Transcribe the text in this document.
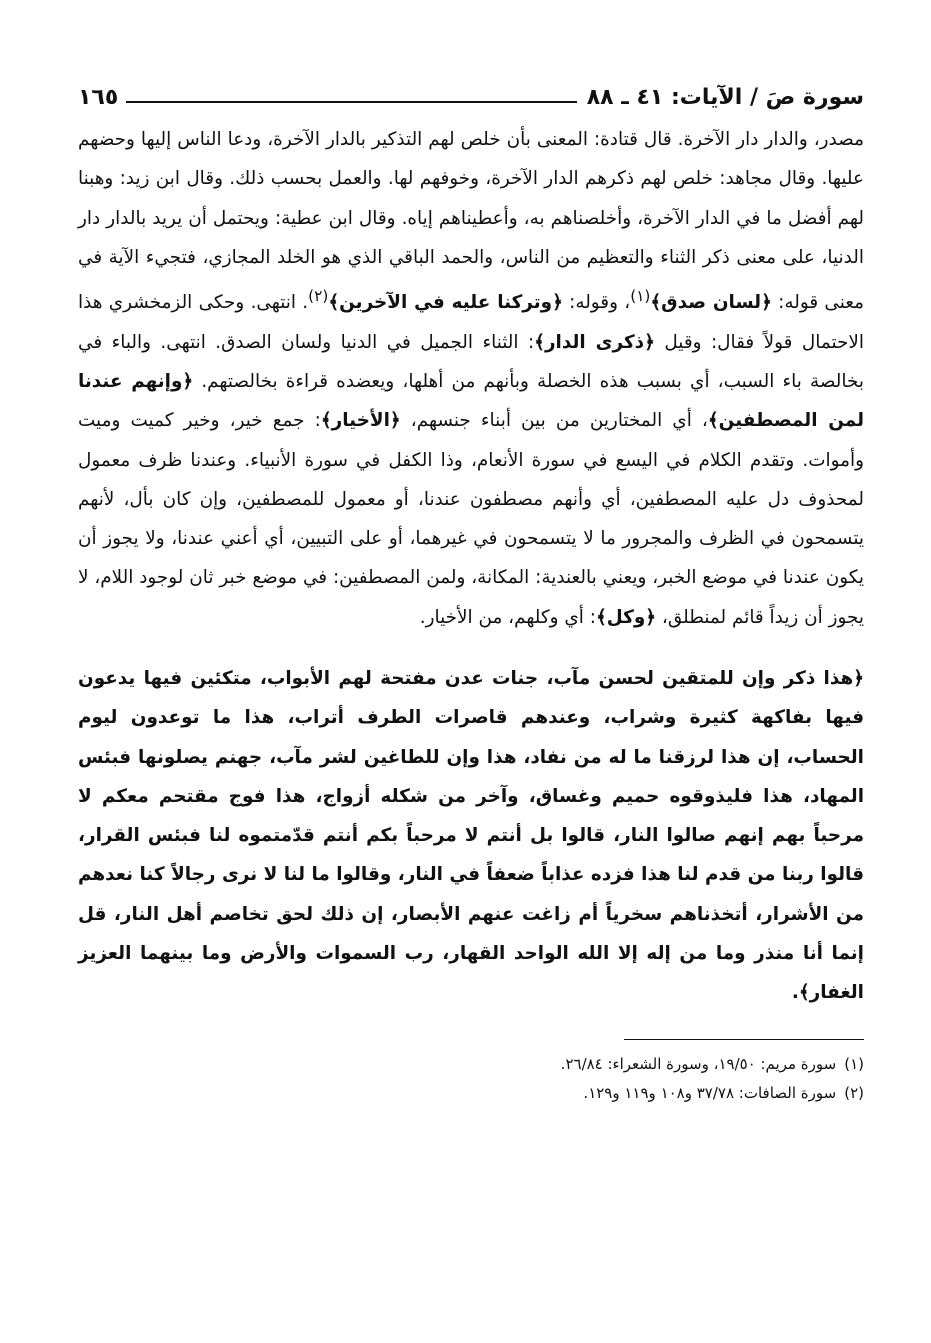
سورة صَ / الآيات: ٤١ ـ ٨٨
١٦٥
مصدر، والدار دار الآخرة. قال قتادة: المعنى بأن خلص لهم التذكير بالدار الآخرة، ودعا الناس إليها وحضهم عليها. وقال مجاهد: خلص لهم ذكرهم الدار الآخرة، وخوفهم لها. والعمل بحسب ذلك. وقال ابن زيد: وهبنا لهم أفضل ما في الدار الآخرة، وأخلصناهم به، وأعطيناهم إياه. وقال ابن عطية: ويحتمل أن يريد بالدار دار الدنيا، على معنى ذكر الثناء والتعظيم من الناس، والحمد الباقي الذي هو الخلد المجازي، فتجيء الآية في معنى قوله: ﴿لسان صدق﴾$^{(١)}$، وقوله: ﴿وتركنا عليه في الآخرين﴾$^{(٢)}$. انتهى. وحكى الزمخشري هذا الاحتمال قولاً فقال: وقيل ﴿ذكرى الدار﴾: الثناء الجميل في الدنيا ولسان الصدق. انتهى. والباء في بخالصة باء السبب، أي بسبب هذه الخصلة وبأنهم من أهلها، ويعضده قراءة بخالصتهم. ﴿وإنهم عندنا لمن المصطفين﴾، أي المختارين من بين أبناء جنسهم، ﴿الأخيار﴾: جمع خير، وخير كميت وميت وأموات. وتقدم الكلام في اليسع في سورة الأنعام، وذا الكفل في سورة الأنبياء. وعندنا ظرف معمول لمحذوف دل عليه المصطفين، أي وأنهم مصطفون عندنا، أو معمول للمصطفين، وإن كان بأل، لأنهم يتسمحون في الظرف والمجرور ما لا يتسمحون في غيرهما، أو على التبيين، أي أعني عندنا، ولا يجوز أن يكون عندنا في موضع الخبر، ويعني بالعندية: المكانة، ولمن المصطفين: في موضع خبر ثان لوجود اللام، لا يجوز أن زيداً قائم لمنطلق، ﴿وكل﴾: أي وكلهم، من الأخيار.
﴿هذا ذكر وإن للمتقين لحسن مآب، جنات عدن مفتحة لهم الأبواب، متكئين فيها يدعون فيها بفاكهة كثيرة وشراب، وعندهم قاصرات الطرف أتراب، هذا ما توعدون ليوم الحساب، إن هذا لرزقنا ما له من نفاد، هذا وإن للطاغين لشر مآب، جهنم يصلونها فبئس المهاد، هذا فليذوقوه حميم وغساق، وآخر من شكله أزواج، هذا فوج مقتحم معكم لا مرحباً بهم إنهم صالوا النار، قالوا بل أنتم لا مرحباً بكم أنتم قدّمتموه لنا فبئس القرار، قالوا ربنا من قدم لنا هذا فزده عذاباً ضعفاً في النار، وقالوا ما لنا لا نرى رجالاً كنا نعدهم من الأشرار، أتخذناهم سخرياً أم زاغت عنهم الأبصار، إن ذلك لحق تخاصم أهل النار، قل إنما أنا منذر وما من إله إلا الله الواحد القهار، رب السموات والأرض وما بينهما العزيز الغفار﴾.
(١)سورة مريم: ١٩/٥٠، وسورة الشعراء: ٢٦/٨٤.
(٢)سورة الصافات: ٣٧/٧٨ و١٠٨ و١١٩ و١٢٩.
